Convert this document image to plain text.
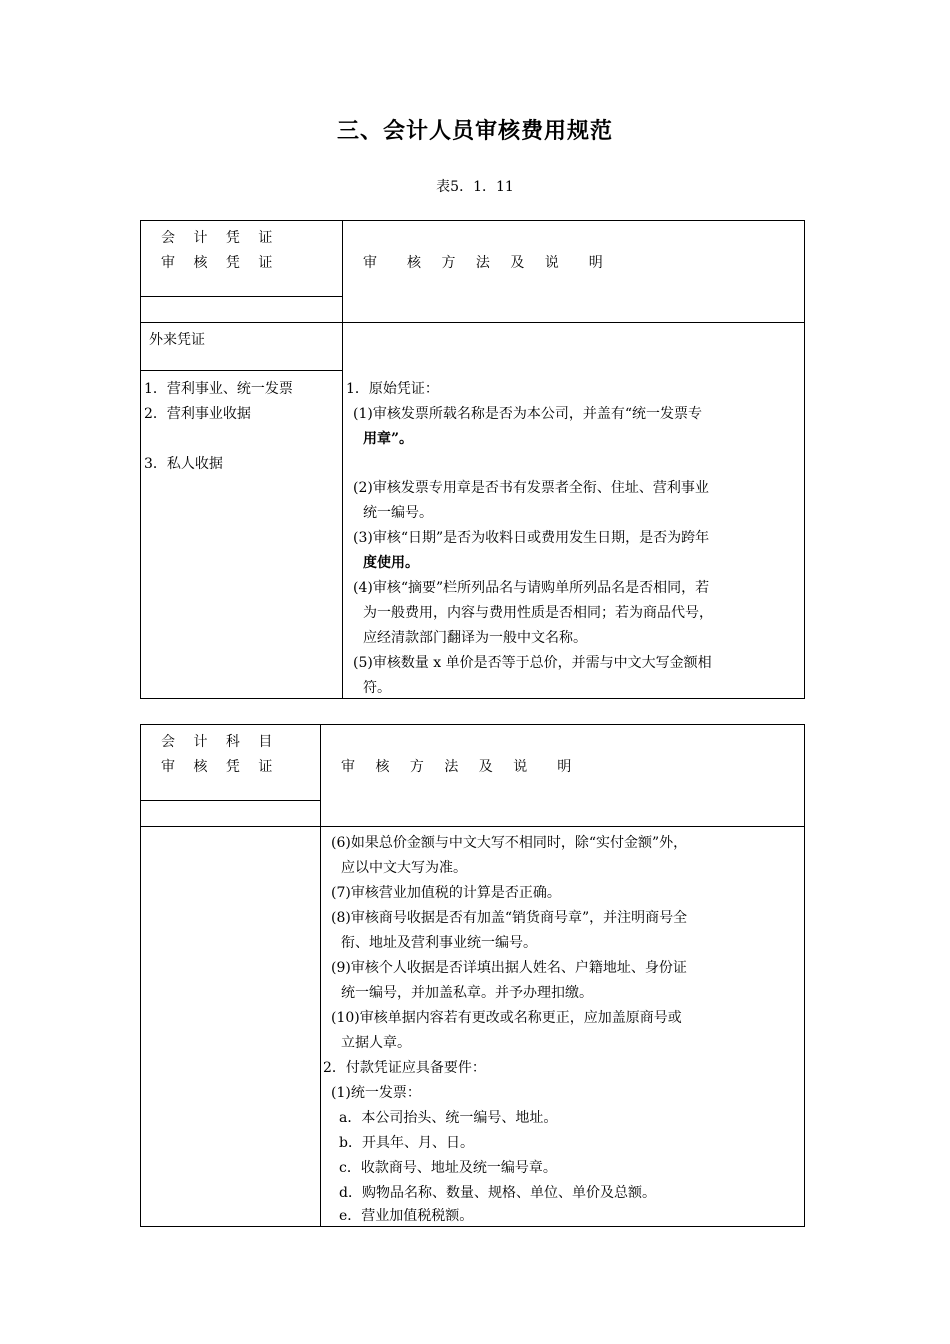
三、会计人员审核费用规范
表5．1．11
会 计 凭 证
审 核 凭 证	审　核 方 法 及 说　明
外来凭证
1．营利事业、统一发票
2．营利事业收据
3．私人收据
1．原始凭证：
(1)审核发票所载名称是否为本公司，并盖有“统一发票专
用章”。
(2)审核发票专用章是否书有发票者全衔、住址、营利事业
统一编号。
(3)审核“日期”是否为收料日或费用发生日期，是否为跨年
度使用。
(4)审核“摘要”栏所列品名与请购单所列品名是否相同，若
为一般费用，内容与费用性质是否相同；若为商品代号，
应经清款部门翻译为一般中文名称。
(5)审核数量 x 单价是否等于总价，并需与中文大写金额相
符。
会 计 科 目
审 核 凭 证	审 核 方 法 及 说　明
(6)如果总价金额与中文大写不相同时，除“实付金额”外，
应以中文大写为准。
(7)审核营业加值税的计算是否正确。
(8)审核商号收据是否有加盖“销货商号章”，并注明商号全
衔、地址及营利事业统一编号。
(9)审核个人收据是否详填出据人姓名、户籍地址、身份证
统一编号，并加盖私章。并予办理扣缴。
(10)审核单据内容若有更改或名称更正，应加盖原商号或
立据人章。
2．付款凭证应具备要件：
(1)统一发票：
a．本公司抬头、统一编号、地址。
b．开具年、月、日。
c．收款商号、地址及统一编号章。
d．购物品名称、数量、规格、单位、单价及总额。
e．营业加值税税额。
